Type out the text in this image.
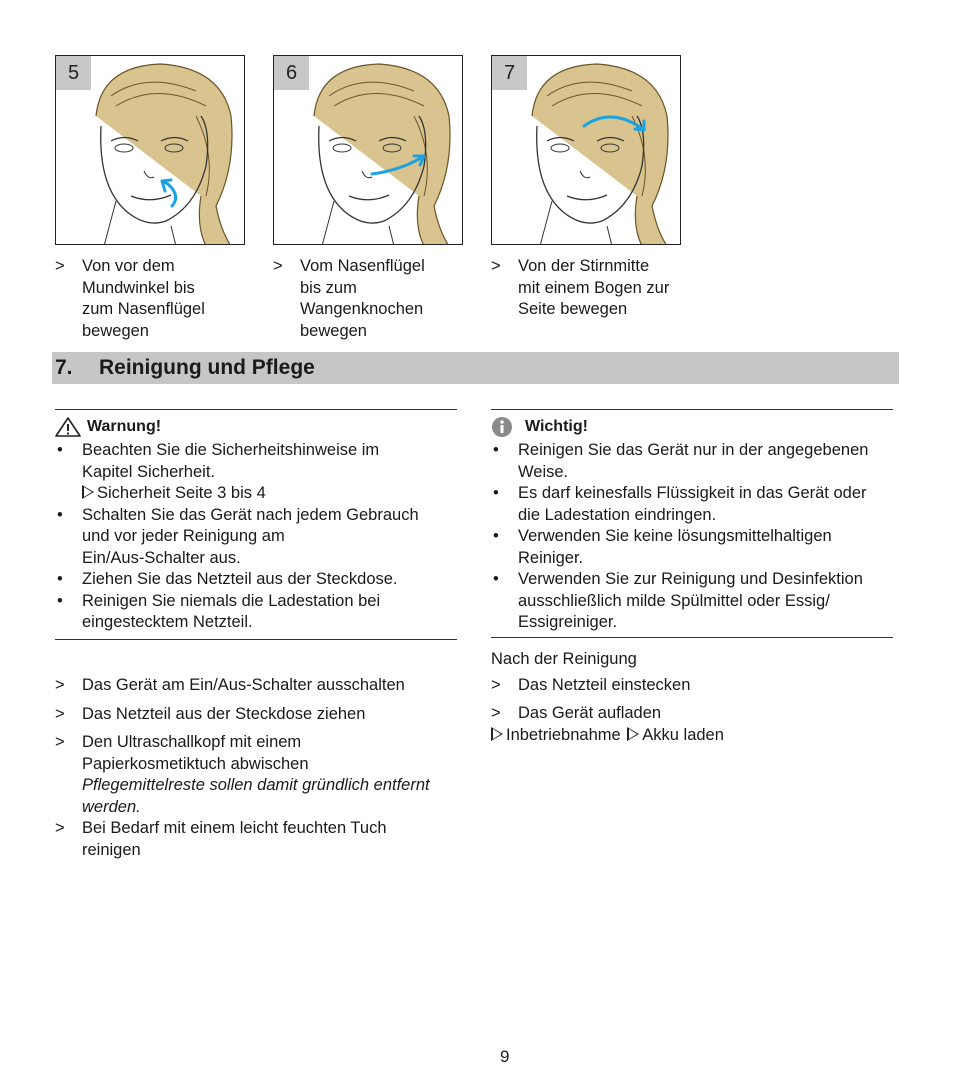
5	6	7
>	Von vor dem
Mundwinkel bis
zum Nasenflügel
bewegen
>	Vom Nasenflügel
bis zum
Wangenknochen
bewegen
>	Von der Stirnmitte
mit einem Bogen zur
Seite bewegen
7. Reinigung und Pflege
Warnung!
•	Beachten Sie die Sicherheitshinweise im
Kapitel Sicherheit.
Sicherheit Seite 3 bis 4
•	Schalten Sie das Gerät nach jedem Gebrauch
und vor jeder Reinigung am
Ein/Aus-Schalter aus.
•	Ziehen Sie das Netzteil aus der Steckdose.
•	Reinigen Sie niemals die Ladestation bei
eingestecktem Netzteil.
Wichtig!
•	Reinigen Sie das Gerät nur in der angegebenen
Weise.
•	Es darf keinesfalls Flüssigkeit in das Gerät oder
die Ladestation eindringen.
•	Verwenden Sie keine lösungsmittelhaltigen
Reiniger.
•	Verwenden Sie zur Reinigung und Desinfektion
ausschließlich milde Spülmittel oder Essig/
Essigreiniger.
>	Das Gerät am Ein/Aus-Schalter ausschalten
>	Das Netzteil aus der Steckdose ziehen
>	Den Ultraschallkopf mit einem
Papierkosmetiktuch abwischen
Pflegemittelreste sollen damit gründlich entfernt
werden.
>	Bei Bedarf mit einem leicht feuchten Tuch
reinigen
Nach der Reinigung
>	Das Netzteil einstecken
>	Das Gerät aufladen
Inbetriebnahme Akku laden
9
